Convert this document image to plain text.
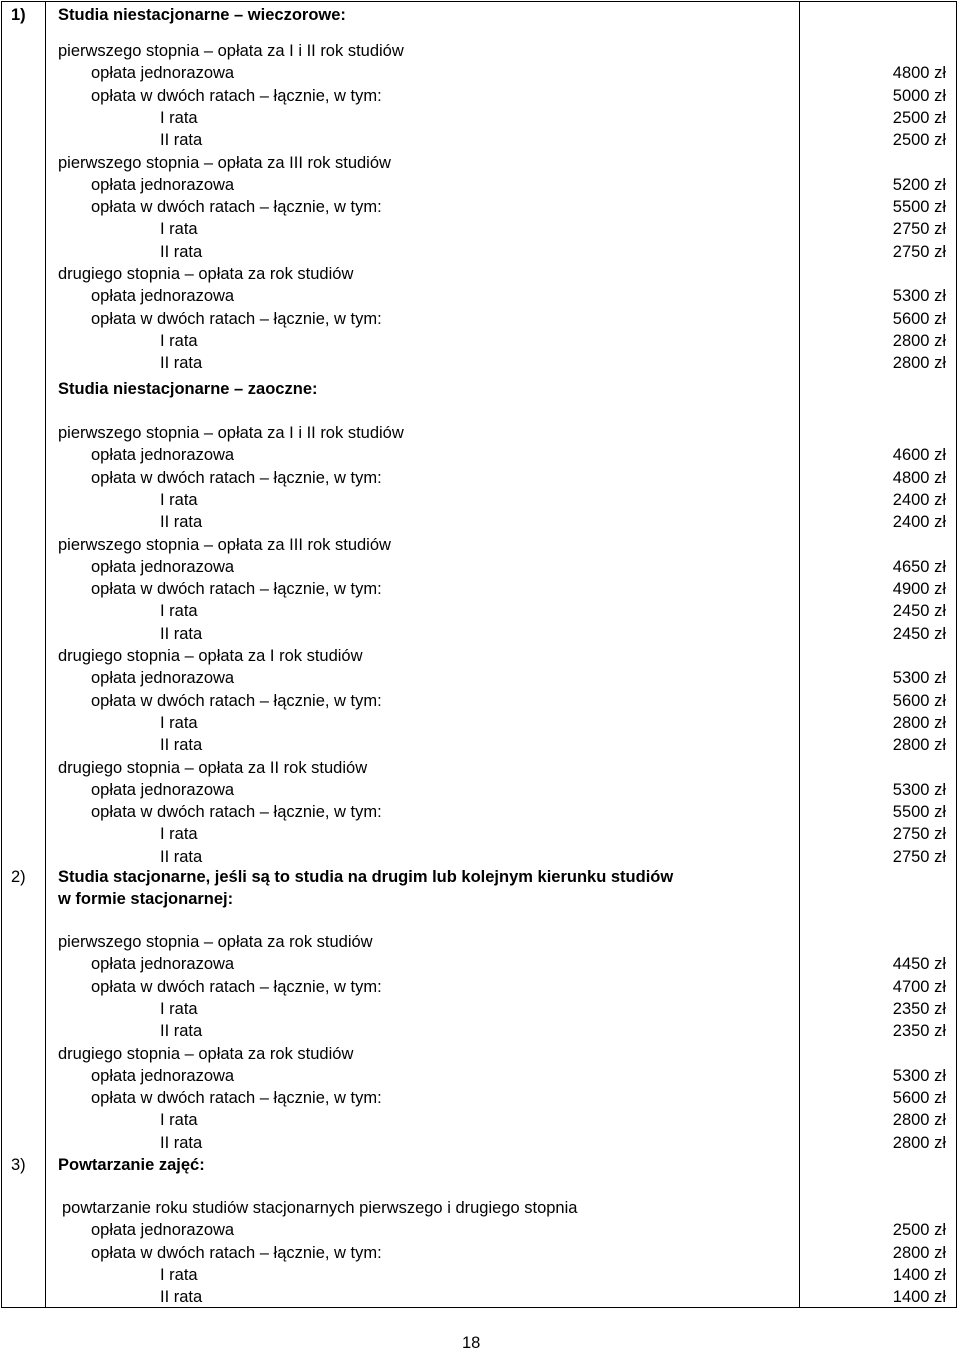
1) Studia niestacjonarne – wieczorowe:
pierwszego stopnia – opłata za I i II rok studiów
opłata jednorazowa	4800 zł
opłata w dwóch ratach – łącznie, w tym:	5000 zł
I rata	2500 zł
II rata	2500 zł
pierwszego stopnia – opłata za III rok studiów
opłata jednorazowa	5200 zł
opłata w dwóch ratach – łącznie, w tym:	5500 zł
I rata	2750 zł
II rata	2750 zł
drugiego stopnia – opłata za rok studiów
opłata jednorazowa	5300 zł
opłata w dwóch ratach – łącznie, w tym:	5600 zł
I rata	2800 zł
II rata	2800 zł
Studia niestacjonarne – zaoczne:
pierwszego stopnia – opłata za I i II rok studiów
opłata jednorazowa	4600 zł
opłata w dwóch ratach – łącznie, w tym:	4800 zł
I rata	2400 zł
II rata	2400 zł
pierwszego stopnia – opłata za III rok studiów
opłata jednorazowa	4650 zł
opłata w dwóch ratach – łącznie, w tym:	4900 zł
I rata	2450 zł
II rata	2450 zł
drugiego stopnia – opłata za I rok studiów
opłata jednorazowa	5300 zł
opłata w dwóch ratach – łącznie, w tym:	5600 zł
I rata	2800 zł
II rata	2800 zł
drugiego stopnia – opłata za II rok studiów
opłata jednorazowa	5300 zł
opłata w dwóch ratach – łącznie, w tym:	5500 zł
I rata	2750 zł
II rata	2750 zł
2) Studia stacjonarne, jeśli są to studia na drugim lub kolejnym kierunku studiów
w formie stacjonarnej:
pierwszego stopnia – opłata za rok studiów
opłata jednorazowa	4450 zł
opłata w dwóch ratach – łącznie, w tym:	4700 zł
I rata	2350 zł
II rata	2350 zł
drugiego stopnia – opłata za rok studiów
opłata jednorazowa	5300 zł
opłata w dwóch ratach – łącznie, w tym:	5600 zł
I rata	2800 zł
II rata	2800 zł
3) Powtarzanie zajęć:
powtarzanie roku studiów stacjonarnych pierwszego i drugiego stopnia
opłata jednorazowa	2500 zł
opłata w dwóch ratach – łącznie, w tym:	2800 zł
I rata	1400 zł
II rata	1400 zł
18
